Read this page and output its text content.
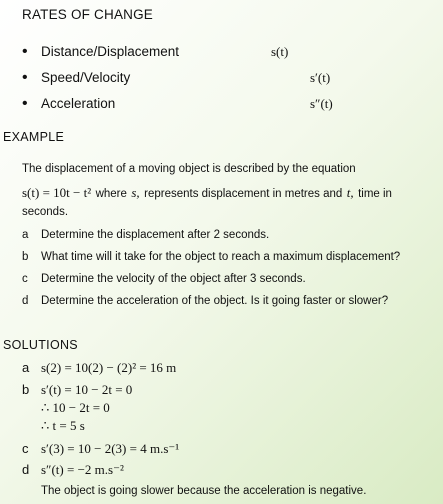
RATES OF CHANGE
• Distance/Displacement	s(t)
• Speed/Velocity	s′(t)
• Acceleration	s″(t)
EXAMPLE
The displacement of a moving object is described by the equation
s(t) = 10t − t² where s, represents displacement in metres and t, time in
seconds.
a Determine the displacement after 2 seconds.
b What time will it take for the object to reach a maximum displacement?
c Determine the velocity of the object after 3 seconds.
d Determine the acceleration of the object. Is it going faster or slower?
SOLUTIONS
a s(2) = 10(2) − (2)² = 16 m
b s′(t) = 10 − 2t = 0
∴ 10 − 2t = 0
∴ t = 5 s
c s′(3) = 10 − 2(3) = 4 m.s⁻¹
d s″(t) = −2 m.s⁻²
The object is going slower because the acceleration is negative.
